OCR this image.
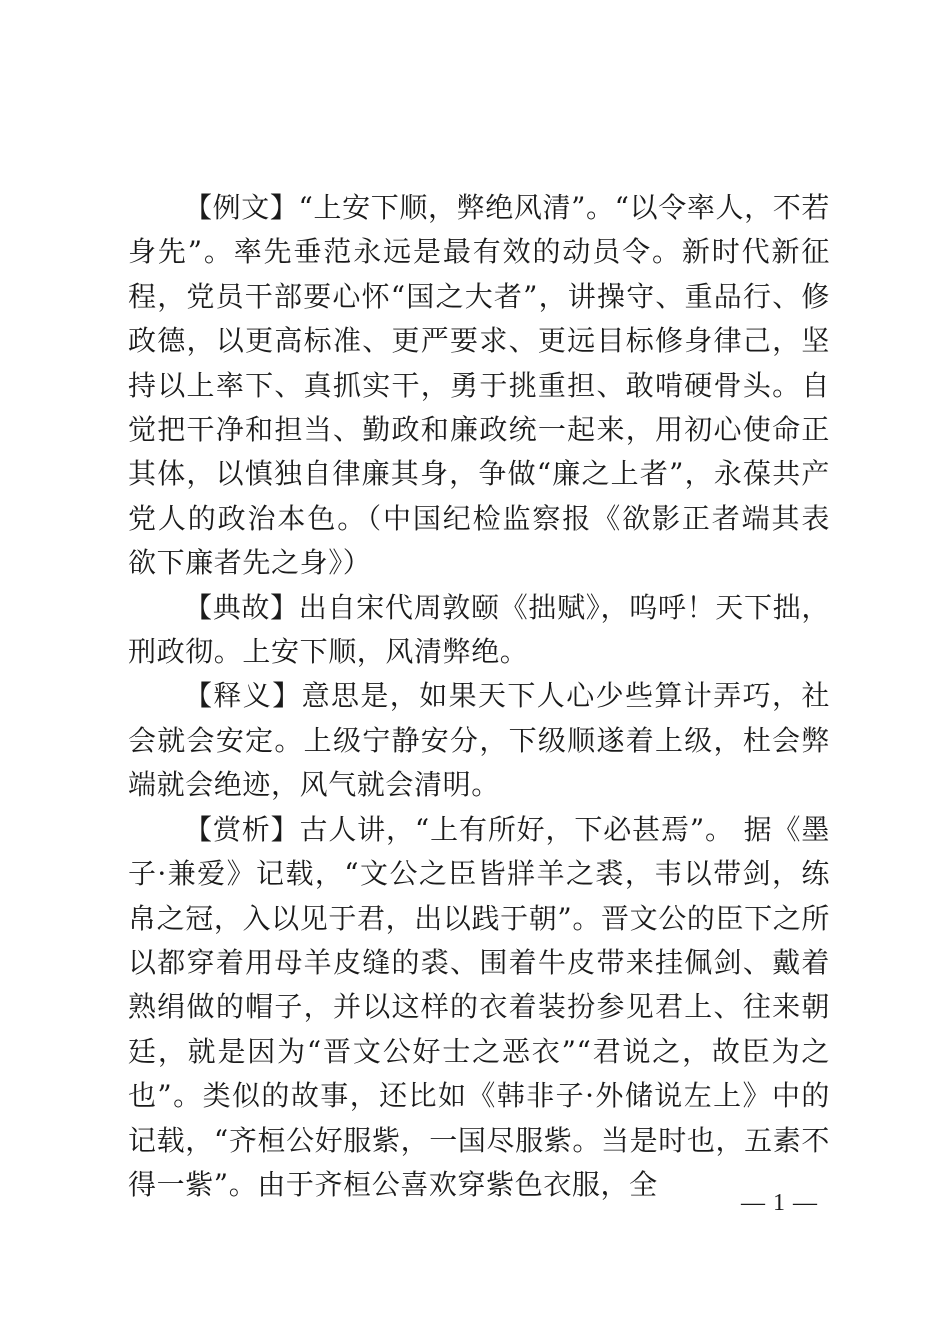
【例文】“上安下顺，弊绝风清”。“以令率人，不若身先”。率先垂范永远是最有效的动员令。新时代新征程，党员干部要心怀“国之大者”，讲操守、重品行、修政德，以更高标准、更严要求、更远目标修身律己，坚持以上率下、真抓实干，勇于挑重担、敢啃硬骨头。自觉把干净和担当、勤政和廉政统一起来，用初心使命正其体，以慎独自律廉其身，争做“廉之上者”，永葆共产党人的政治本色。（中国纪检监察报《欲影正者端其表　欲下廉者先之身》）

【典故】出自宋代周敦颐《拙赋》，呜呼！天下拙，刑政彻。上安下顺，风清弊绝。

【释义】意思是，如果天下人心少些算计弄巧，社会就会安定。上级宁静安分，下级顺遂着上级，杜会弊端就会绝迹，风气就会清明。

【赏析】古人讲，“上有所好，下必甚焉”。 据《墨子·兼爱》记载，“文公之臣皆牂羊之裘，韦以带剑，练帛之冠，入以见于君，出以践于朝”。晋文公的臣下之所以都穿着用母羊皮缝的裘、围着牛皮带来挂佩剑、戴着熟绢做的帽子，并以这样的衣着装扮参见君上、往来朝廷，就是因为“晋文公好士之恶衣”“君说之，故臣为之也”。类似的故事，还比如《韩非子·外储说左上》中的记载，“齐桓公好服紫，一国尽服紫。当是时也，五素不得一紫”。由于齐桓公喜欢穿紫色衣服，全

— 1 —
